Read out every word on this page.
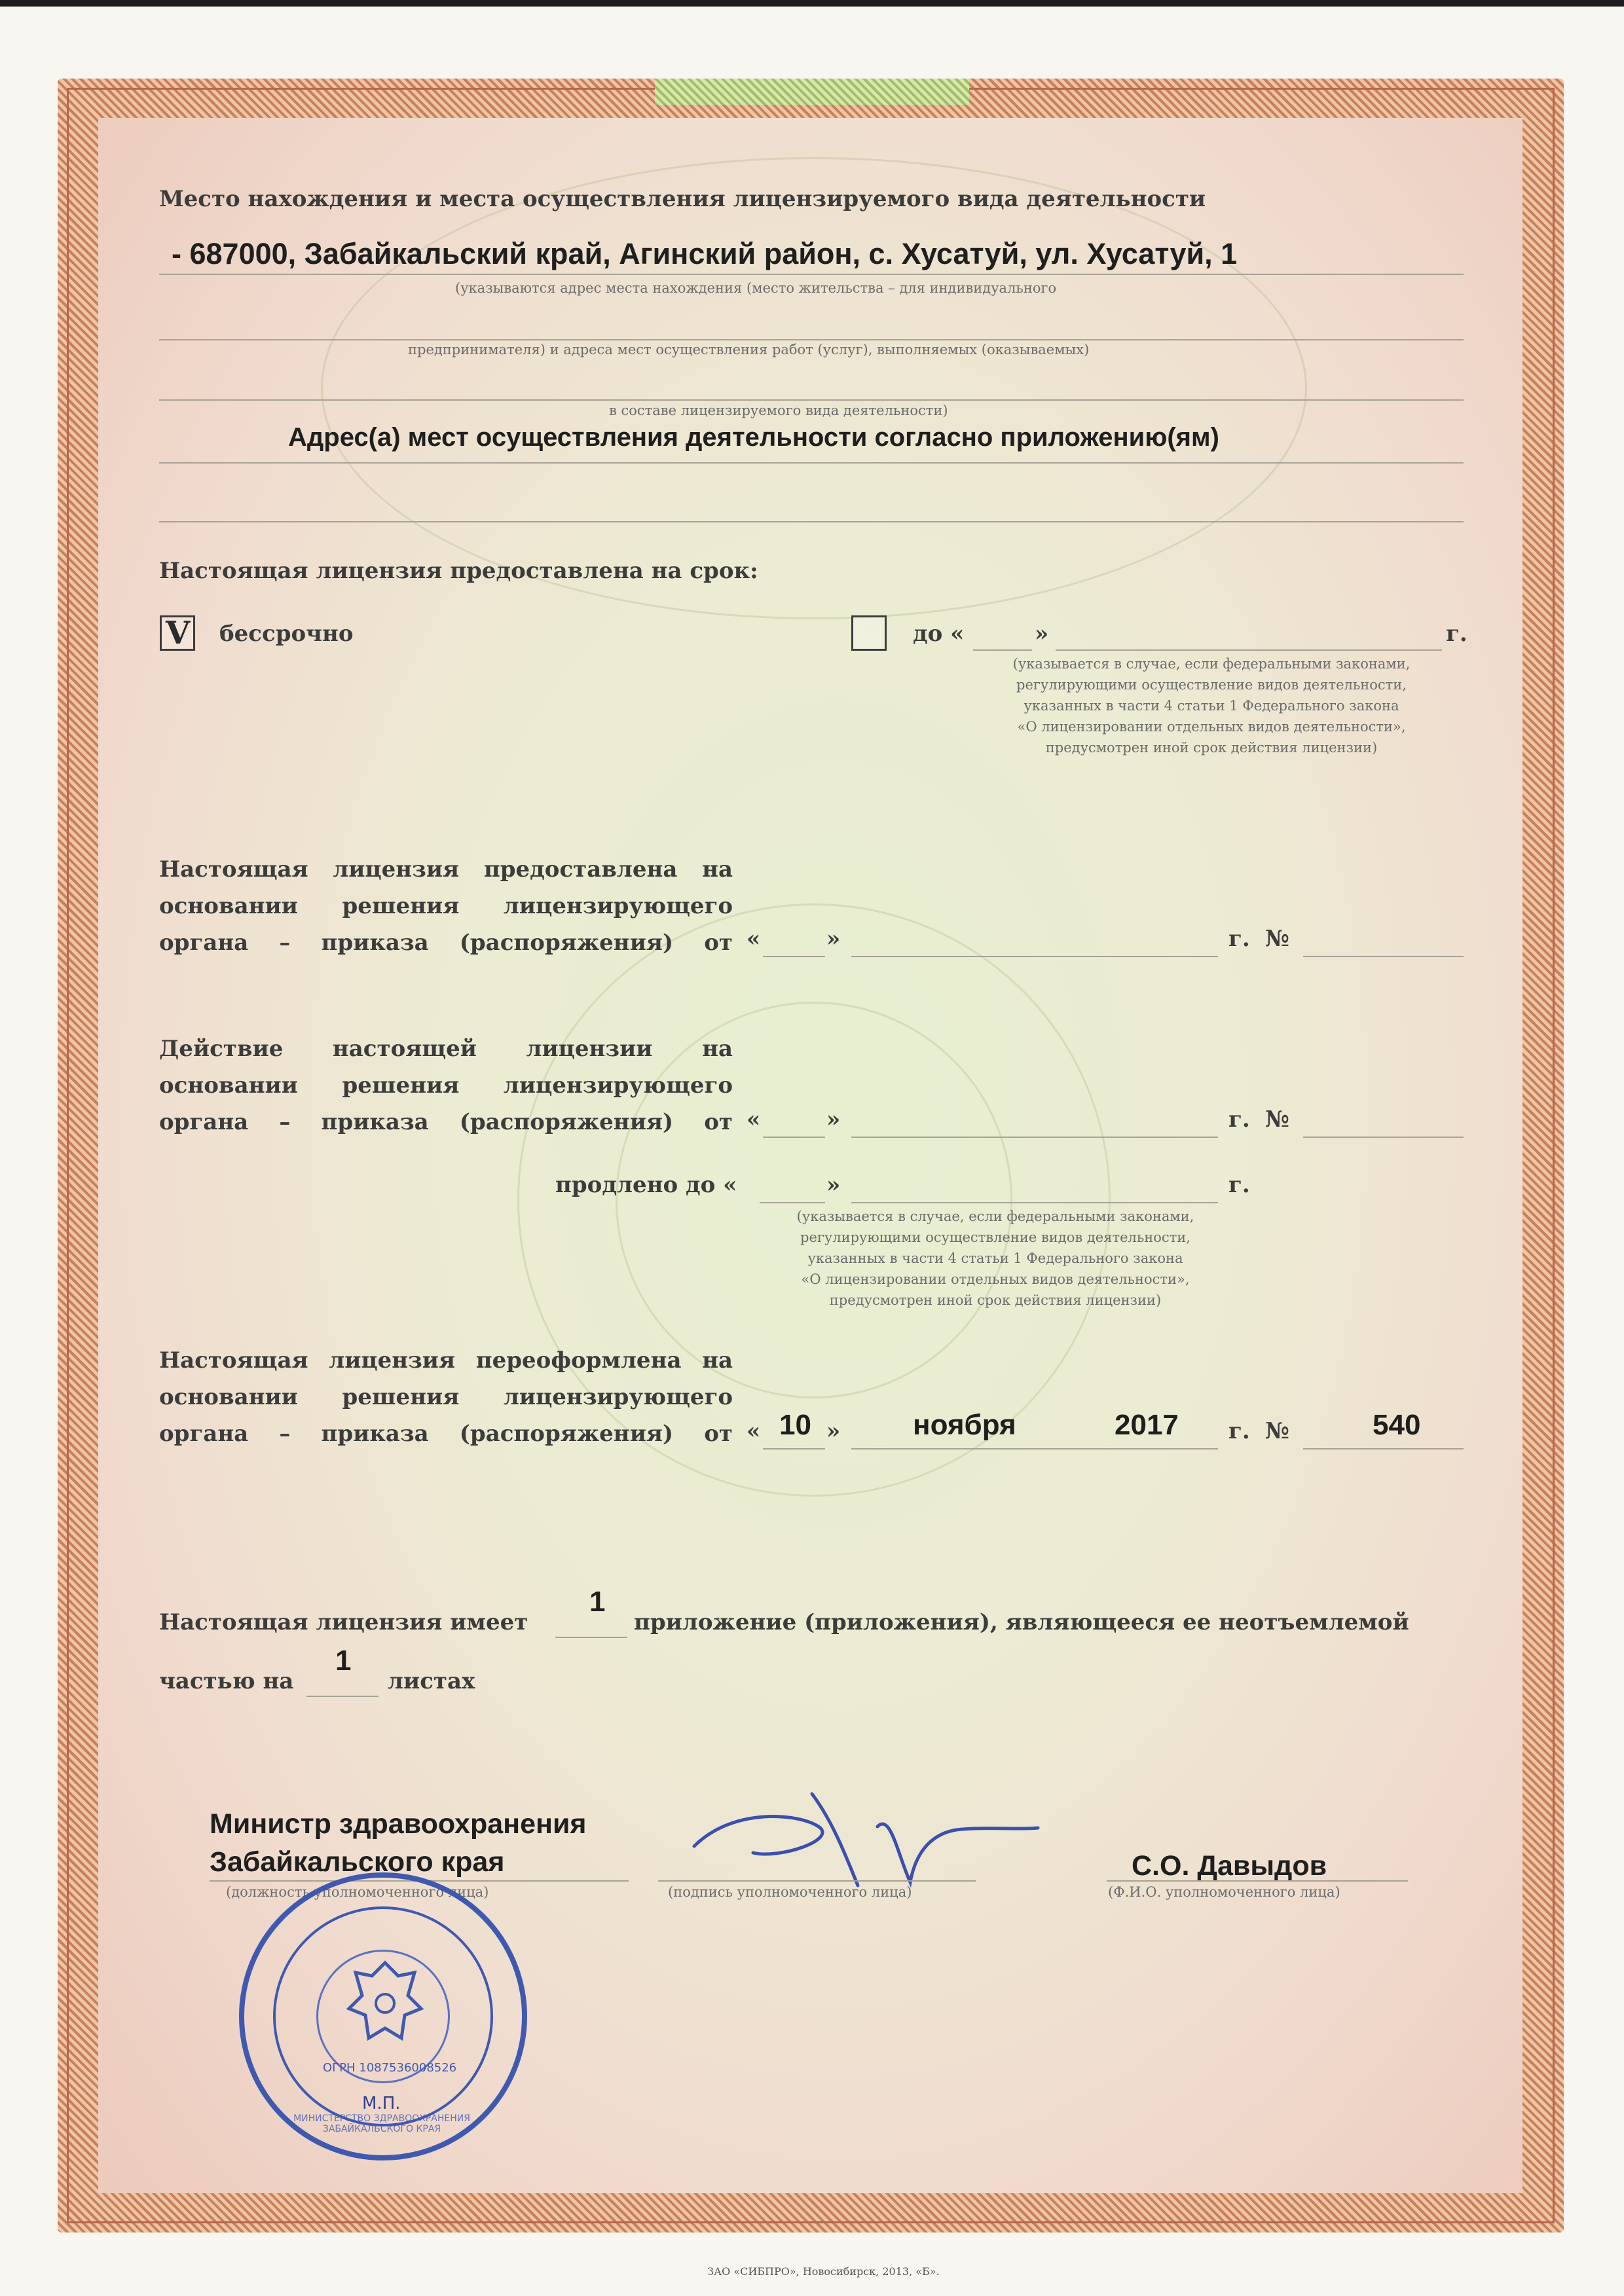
Место нахождения и места осуществления лицензируемого вида деятельности
- 687000, Забайкальский край, Агинский район, с. Хусатуй, ул. Хусатуй, 1
(указываются адрес места нахождения (место жительства – для индивидуального
предпринимателя) и адреса мест осуществления работ (услуг), выполняемых (оказываемых)
в составе лицензируемого вида деятельности)
Адрес(а) мест осуществления деятельности согласно приложению(ям)
Настоящая лицензия предоставлена на срок:
V бессрочно	до «	»	г.
(указывается в случае, если федеральными законами,
регулирующими осуществление видов деятельности,
указанных в части 4 статьи 1 Федерального закона
«О лицензировании отдельных видов деятельности»,
предусмотрен иной срок действия лицензии)
Настоящая лицензия предоставлена на
основании решения лицензирующего
органа – приказа (распоряжения) от «	»	г. №
Действие настоящей лицензии на
основании решения лицензирующего
органа – приказа (распоряжения) от «	»	г. №
продлено до «	»	г.
(указывается в случае, если федеральными законами,
регулирующими осуществление видов деятельности,
указанных в части 4 статьи 1 Федерального закона
«О лицензировании отдельных видов деятельности»,
предусмотрен иной срок действия лицензии)
Настоящая лицензия переоформлена на
основании решения лицензирующего
органа – приказа (распоряжения) от « 10 »	ноября	2017 г. №	540
Настоящая лицензия имеет
1
приложение (приложения), являющееся ее неотъемлемой
частью на
1
листах
Министр здравоохранения
Забайкальского края
(должность уполномоченного лица)	(подпись уполномоченного лица)
С.О. Давыдов
(Ф.И.О. уполномоченного лица)
М.П.
ОГРН 1087536008526
МИНИСТЕРСТВО ЗДРАВООХРАНЕНИЯ ЗАБАЙКАЛЬСКОГО КРАЯ
ЗАО «СИБПРО», Новосибирск, 2013, «Б».
